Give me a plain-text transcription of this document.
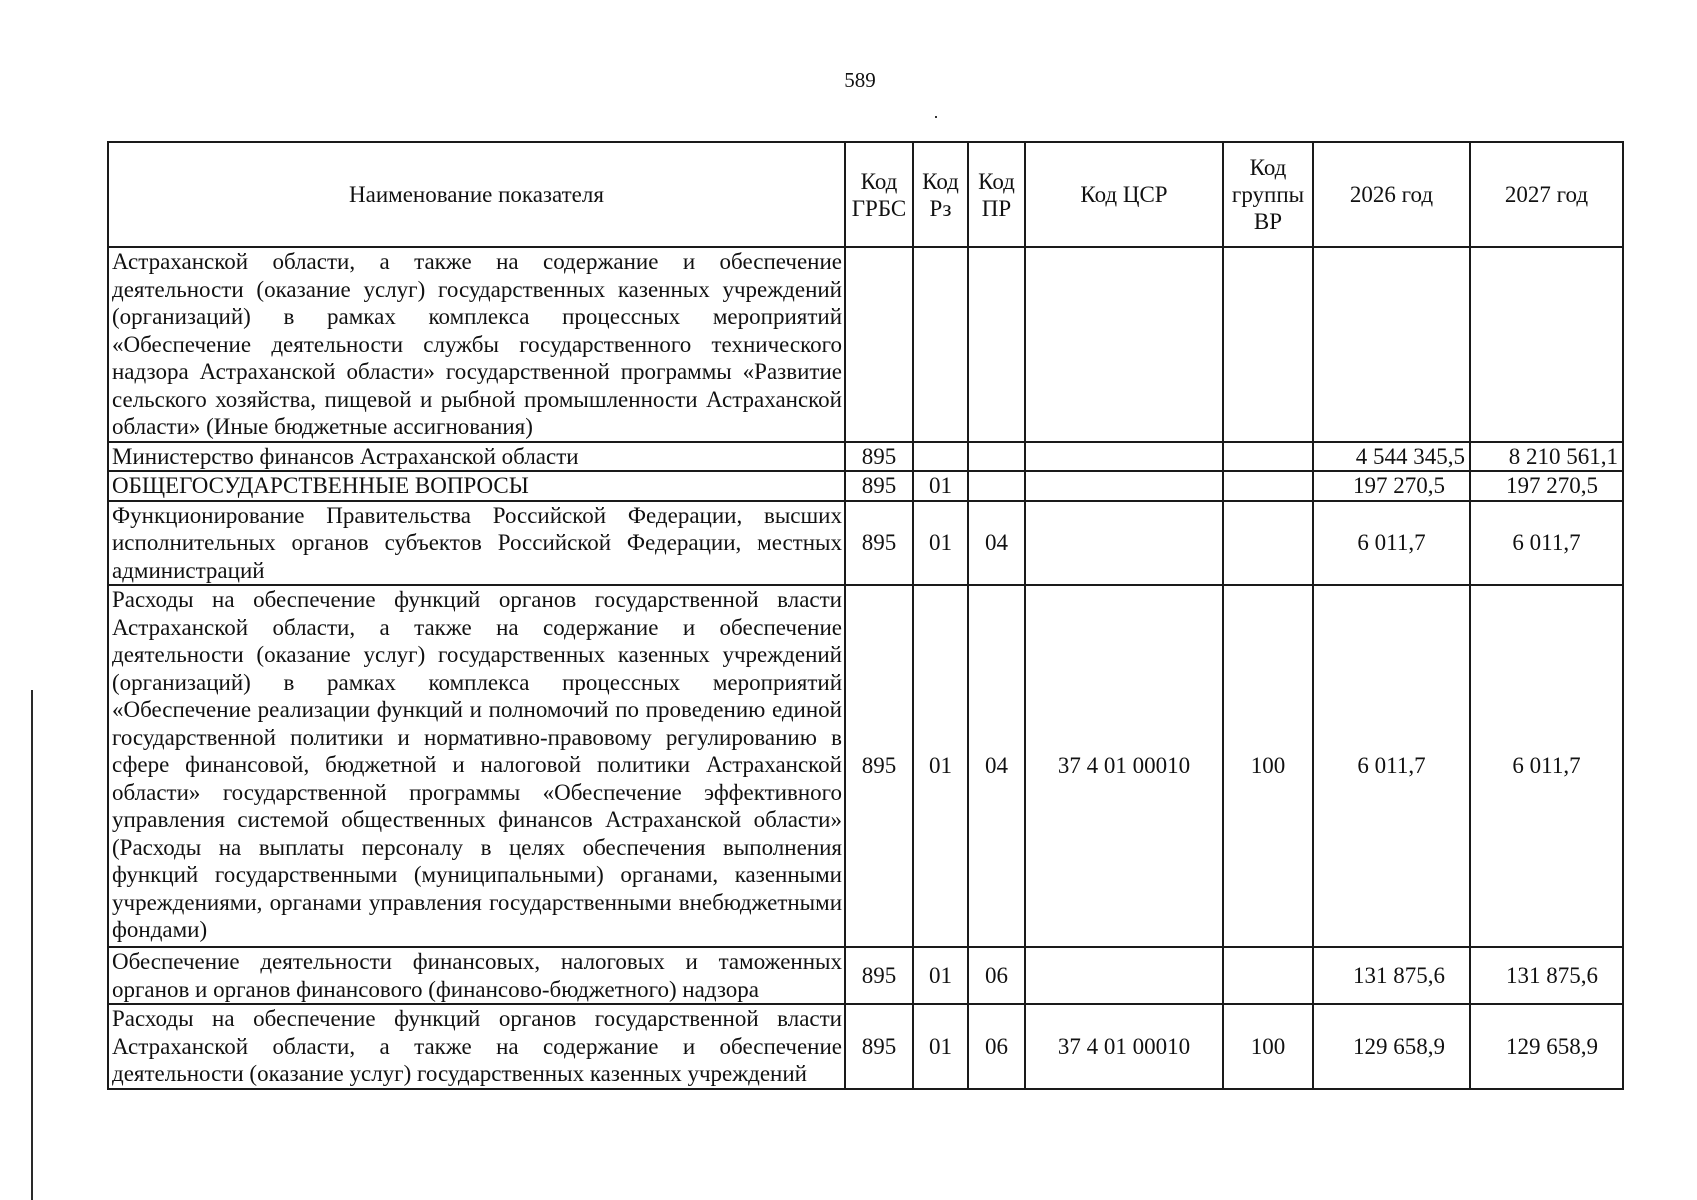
589
Наименование показателя	Код ГРБС	Код Рз	Код ПР	Код ЦСР	Код группы ВР	2026 год	2027 год
Астраханской области, а также на содержание и обеспечение деятельности (оказание услуг) государственных казенных учреждений (организаций) в рамках комплекса процессных мероприятий «Обеспечение деятельности службы государственного технического надзора Астраханской области» государственной программы «Развитие сельского хозяйства, пищевой и рыбной промышленности Астраханской области» (Иные бюджетные ассигнования)							
Министерство финансов Астраханской области	895					4 544 345,5	8 210 561,1
ОБЩЕГОСУДАРСТВЕННЫЕ ВОПРОСЫ	895	01				197 270,5	197 270,5
Функционирование Правительства Российской Федерации, высших исполнительных органов субъектов Российской Федерации, местных администраций	895	01	04			6 011,7	6 011,7
Расходы на обеспечение функций органов государственной власти Астраханской области, а также на содержание и обеспечение деятельности (оказание услуг) государственных казенных учреждений (организаций) в рамках комплекса процессных мероприятий «Обеспечение реализации функций и полномочий по проведению единой государственной политики и нормативно-правовому регулированию в сфере финансовой, бюджетной и налоговой политики Астраханской области» государственной программы «Обеспечение эффективного управления системой общественных финансов Астраханской области» (Расходы на выплаты персоналу в целях обеспечения выполнения функций государственными (муниципальными) органами, казенными учреждениями, органами управления государственными внебюджетными фондами)	895	01	04	37 4 01 00010	100	6 011,7	6 011,7
Обеспечение деятельности финансовых, налоговых и таможенных органов и органов финансового (финансово-бюджетного) надзора	895	01	06			131 875,6	131 875,6
Расходы на обеспечение функций органов государственной власти Астраханской области, а также на содержание и обеспечение деятельности (оказание услуг) государственных казенных учреждений	895	01	06	37 4 01 00010	100	129 658,9	129 658,9
